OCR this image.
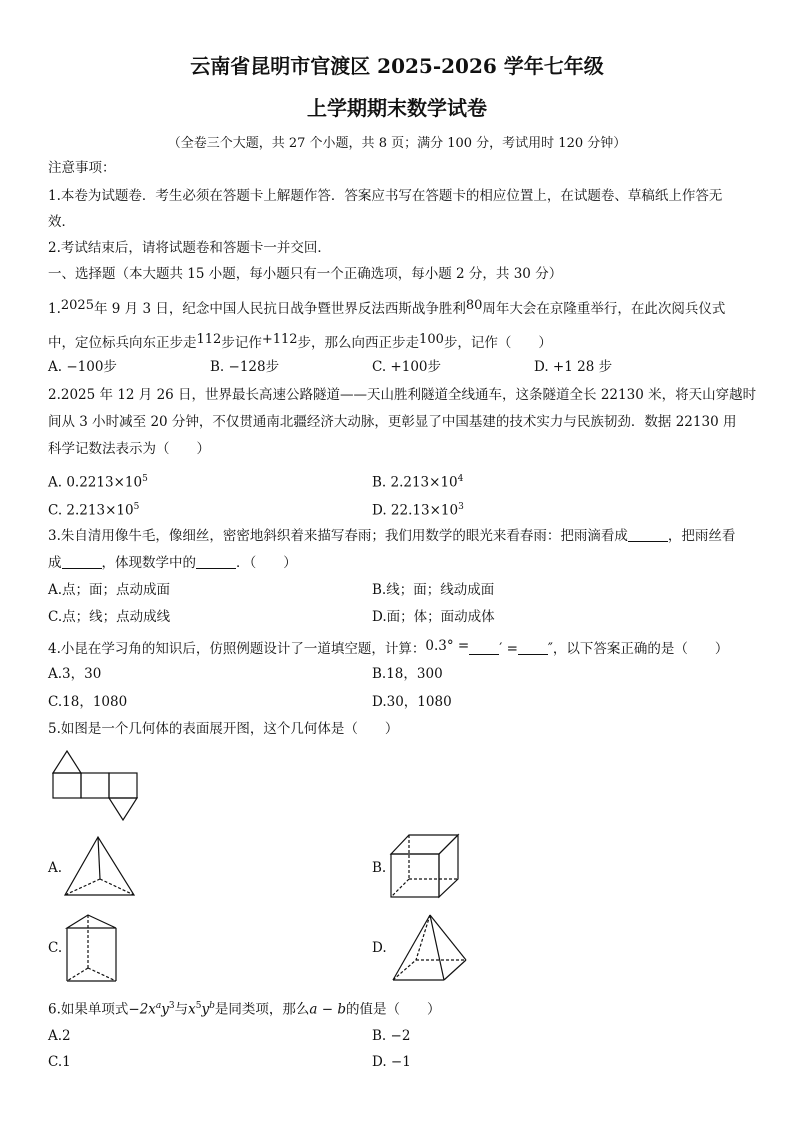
云南省昆明市官渡区 2025-2026 学年七年级
上学期期末数学试卷
（全卷三个大题，共 27 个小题，共 8 页；满分 100 分，考试用时 120 分钟）
注意事项：
1.本卷为试题卷．考生必须在答题卡上解题作答．答案应书写在答题卡的相应位置上，在试题卷、草稿纸上作答无
效．
2.考试结束后，请将试题卷和答题卡一并交回．
一、选择题（本大题共 15 小题，每小题只有一个正确选项，每小题 2 分，共 30 分）
1.$^{2025}$年 9 月 3 日，纪念中国人民抗日战争暨世界反法西斯战争胜利$^{80}$周年大会在京隆重举行，在此次阅兵仪式
中，定位标兵向东正步走$^{112}$步记作$^{+112}$步，那么向西正步走$^{100}$步，记作（　　）
A. −100步	B. −128步	C. +100步	D. +1 28 步
2.2025 年 12 月 26 日，世界最长高速公路隧道——天山胜利隧道全线通车，这条隧道全长 22130 米，将天山穿越时
间从 3 小时减至 20 分钟，不仅贯通南北疆经济大动脉，更彰显了中国基建的技术实力与民族韧劲．数据 22130 用
科学记数法表示为（　　）
A. $0.2213\times 10^5$	B. $2.213\times 10^4$
C. $2.213\times 10^5$	D. $22.13\times 10^3$
3.朱自清用像牛毛，像细丝，密密地斜织着来描写春雨；我们用数学的眼光来看春雨：把雨滴看成	，把雨丝看
成	，体现数学中的	．（　　）
A.点；面；点动成面	B.线；面；线动成面
C.点；线；点动成线	D.面；体；面动成体
4.小昆在学习角的知识后，仿照例题设计了一道填空题，计算：0.3° = ′ = ″，以下答案正确的是（　　）
A.3，30	B.18，300
C.18，1080	D.30，1080
5.如图是一个几何体的表面展开图，这个几何体是（　　）
A.	B.
C.	D.
6.如果单项式$-2x^ay^3$与$x^5y^b$是同类项，那么a − b的值是（　　）
A.2	B. −2
C.1	D. −1
